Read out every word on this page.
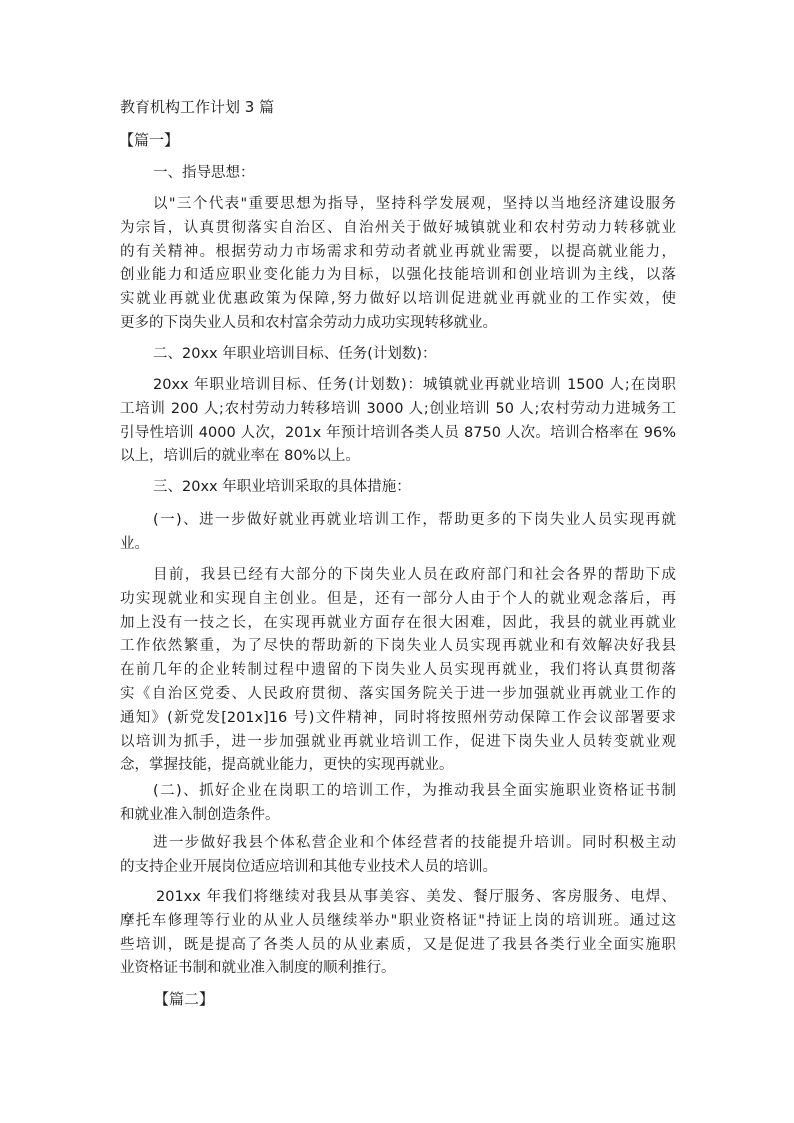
教育机构工作计划 3 篇
【篇一】
一、指导思想：
以"三个代表"重要思想为指导，坚持科学发展观，坚持以当地经济建设服务
为宗旨，认真贯彻落实自治区、自治州关于做好城镇就业和农村劳动力转移就业
的有关精神。根据劳动力市场需求和劳动者就业再就业需要，以提高就业能力，
创业能力和适应职业变化能力为目标，以强化技能培训和创业培训为主线，以落
实就业再就业优惠政策为保障,努力做好以培训促进就业再就业的工作实效，使
更多的下岗失业人员和农村富余劳动力成功实现转移就业。
二、20xx 年职业培训目标、任务(计划数)：
20xx 年职业培训目标、任务(计划数)：城镇就业再就业培训 1500 人;在岗职
工培训 200 人;农村劳动力转移培训 3000 人;创业培训 50 人;农村劳动力进城务工
引导性培训 4000 人次，201x 年预计培训各类人员 8750 人次。培训合格率在 96%
以上，培训后的就业率在 80%以上。
三、20xx 年职业培训采取的具体措施：
(一)、进一步做好就业再就业培训工作，帮助更多的下岗失业人员实现再就
业。
目前，我县已经有大部分的下岗失业人员在政府部门和社会各界的帮助下成
功实现就业和实现自主创业。但是，还有一部分人由于个人的就业观念落后，再
加上没有一技之长，在实现再就业方面存在很大困难，因此，我县的就业再就业
工作依然繁重，为了尽快的帮助新的下岗失业人员实现再就业和有效解决好我县
在前几年的企业转制过程中遗留的下岗失业人员实现再就业，我们将认真贯彻落
实《自治区党委、人民政府贯彻、落实国务院关于进一步加强就业再就业工作的
通知》(新党发[201x]16 号)文件精神，同时将按照州劳动保障工作会议部署要求
以培训为抓手，进一步加强就业再就业培训工作，促进下岗失业人员转变就业观
念，掌握技能，提高就业能力，更快的实现再就业。
(二)、抓好企业在岗职工的培训工作，为推动我县全面实施职业资格证书制
和就业准入制创造条件。
进一步做好我县个体私营企业和个体经营者的技能提升培训。同时积极主动
的支持企业开展岗位适应培训和其他专业技术人员的培训。
201xx 年我们将继续对我县从事美容、美发、餐厅服务、客房服务、电焊、
摩托车修理等行业的从业人员继续举办"职业资格证"持证上岗的培训班。通过这
些培训，既是提高了各类人员的从业素质，又是促进了我县各类行业全面实施职
业资格证书制和就业准入制度的顺利推行。
【篇二】
